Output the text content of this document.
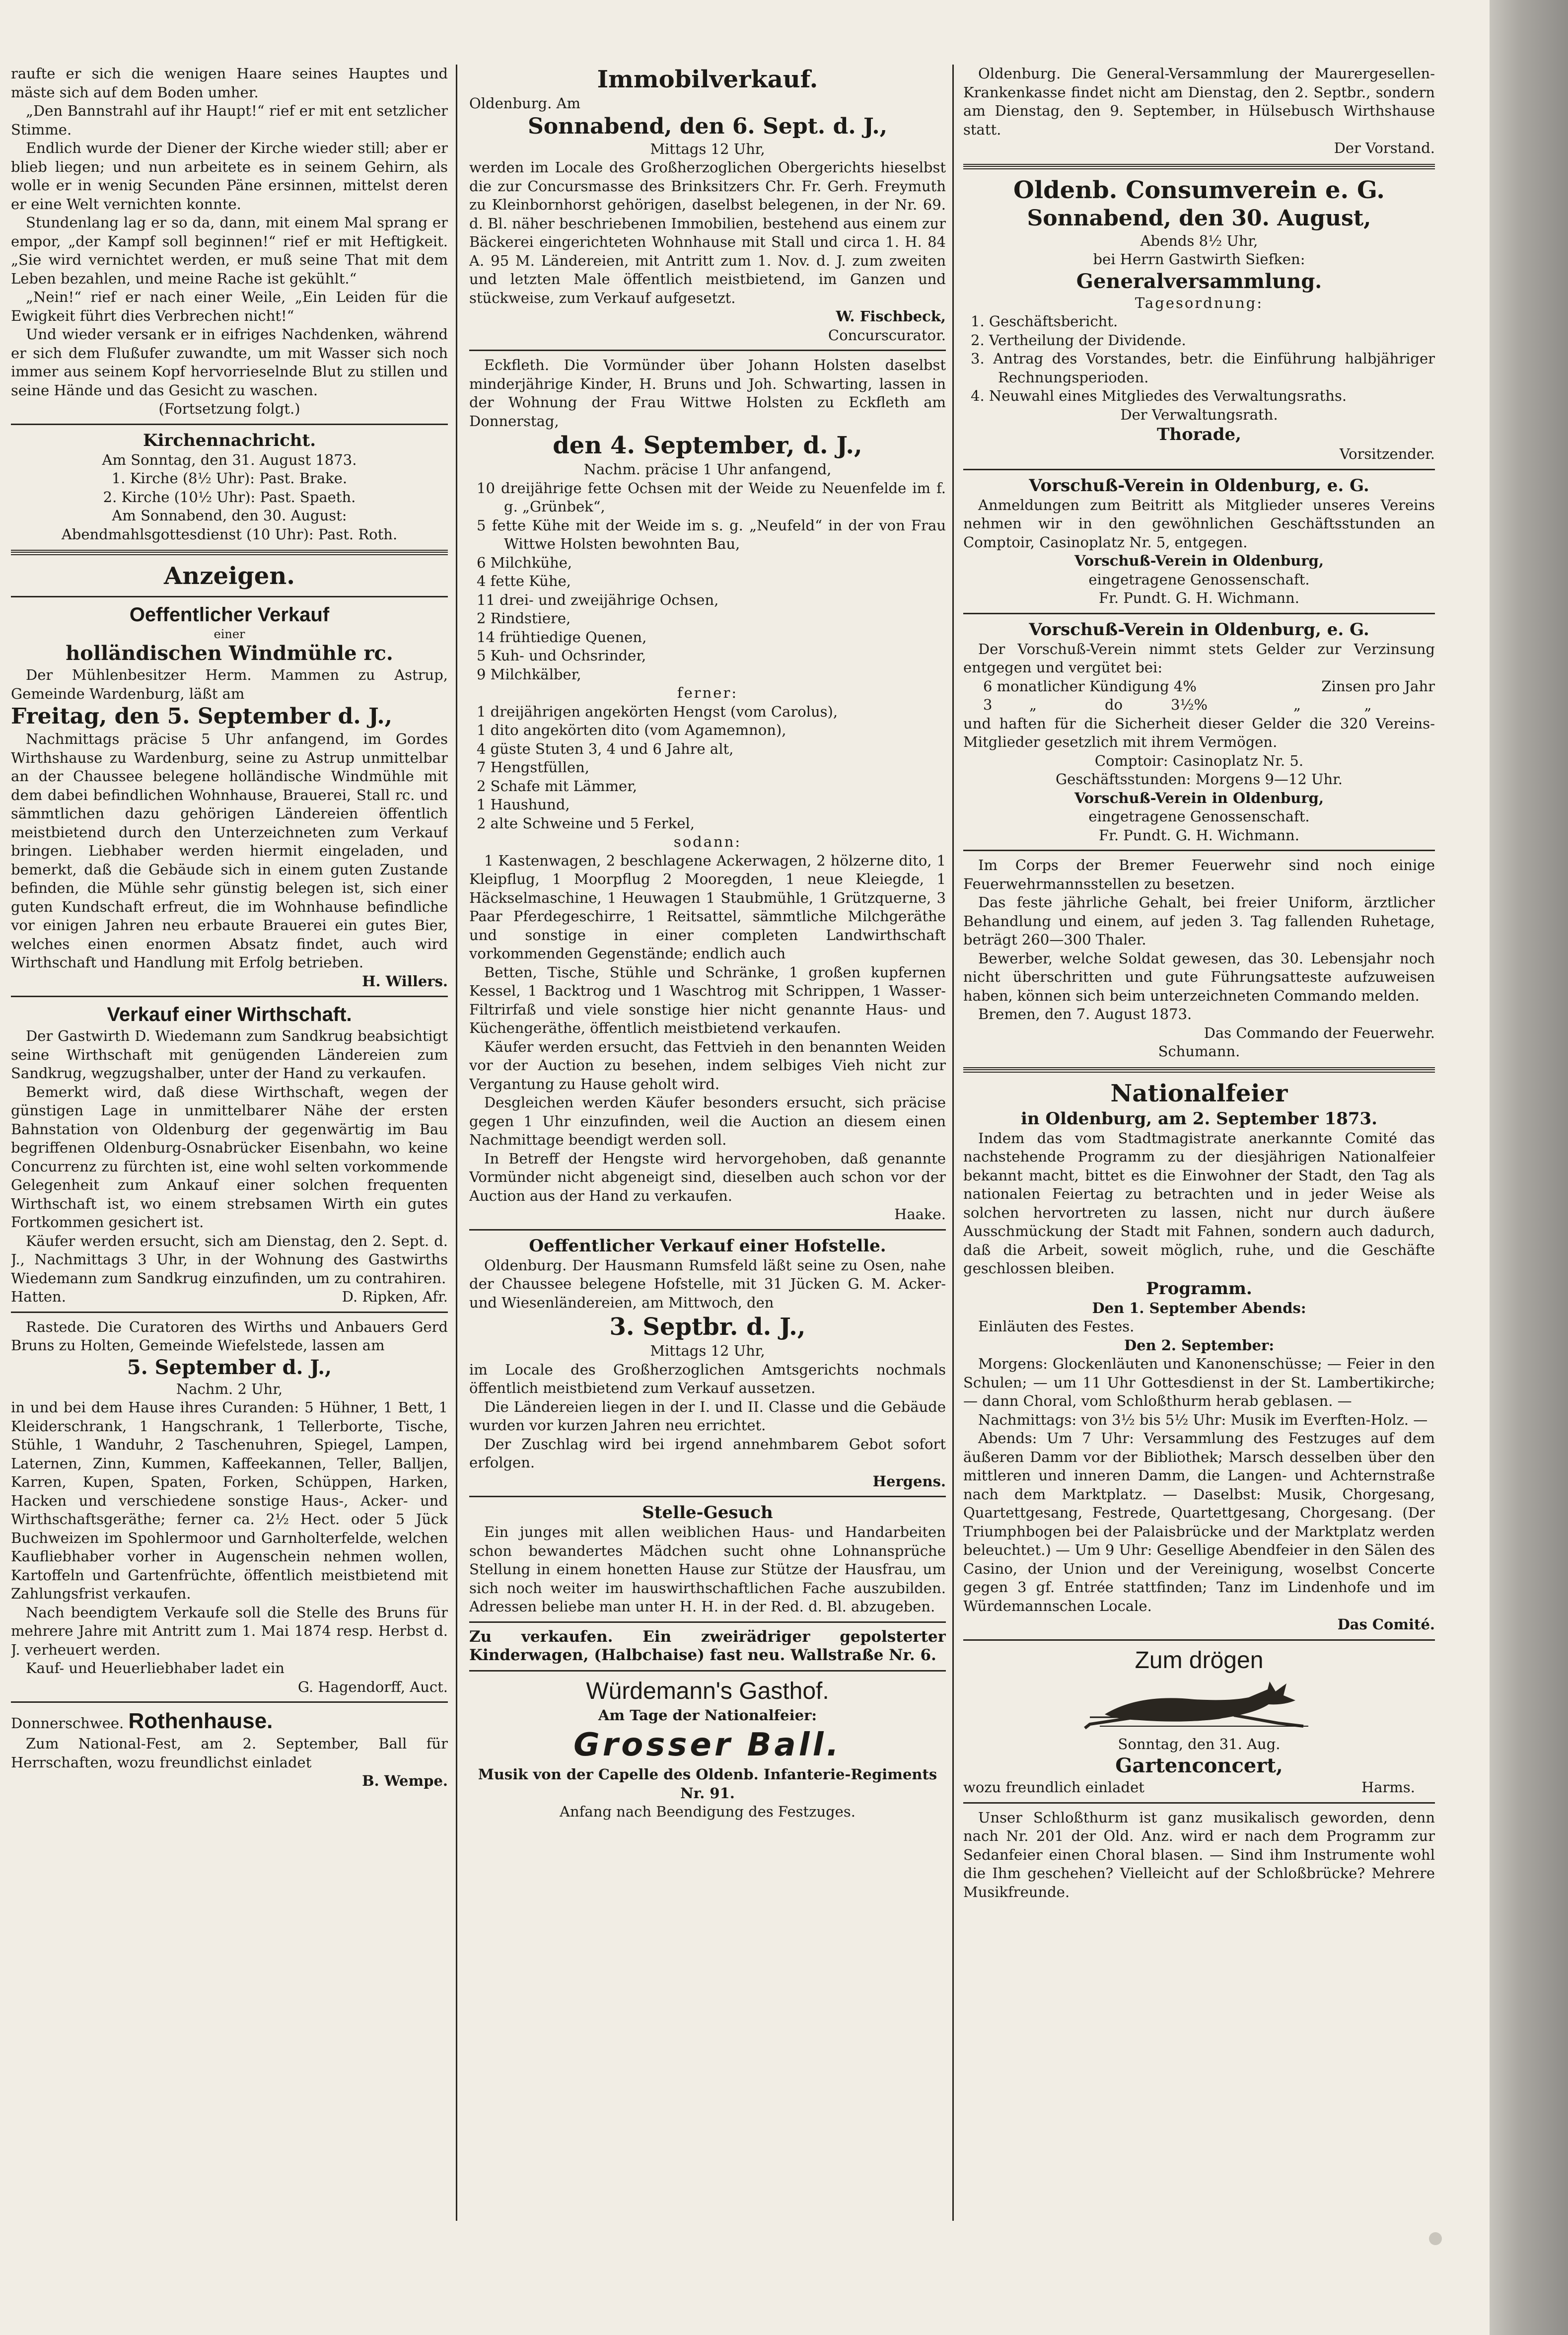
raufte er sich die wenigen Haare seines Hauptes und mäste sich auf dem Boden umher.

„Den Bannstrahl auf ihr Haupt!“ rief er mit ent setzlicher Stimme.

Endlich wurde der Diener der Kirche wieder still; aber er blieb liegen; und nun arbeitete es in seinem Gehirn, als wolle er in wenig Secunden Päne ersinnen, mittelst deren er eine Welt vernichten konnte.

Stundenlang lag er so da, dann, mit einem Mal sprang er empor, „der Kampf soll beginnen!“ rief er mit Heftigkeit. „Sie wird vernichtet werden, er muß seine That mit dem Leben bezahlen, und meine Rache ist gekühlt.“

„Nein!“ rief er nach einer Weile, „Ein Leiden für die Ewigkeit führt dies Verbrechen nicht!“

Und wieder versank er in eifriges Nachdenken, während er sich dem Flußufer zuwandte, um mit Wasser sich noch immer aus seinem Kopf hervorrieselnde Blut zu stillen und seine Hände und das Gesicht zu waschen.

(Fortsetzung folgt.)

Kirchennachricht.

Am Sonntag, den 31. August 1873.

1. Kirche (8½ Uhr): Past. Brake.

2. Kirche (10½ Uhr): Past. Spaeth.

Am Sonnabend, den 30. August:

Abendmahlsgottesdienst (10 Uhr): Past. Roth.

Anzeigen.
Oeffentlicher Verkauf

einer

holländischen Windmühle rc.

Der Mühlenbesitzer Herm. Mammen zu Astrup, Gemeinde Wardenburg, läßt am

Freitag, den 5. September d. J.,

Nachmittags präcise 5 Uhr anfangend, im Gordes Wirthshause zu Wardenburg, seine zu Astrup unmittelbar an der Chaussee belegene holländische Windmühle mit dem dabei befindlichen Wohnhause, Brauerei, Stall rc. und sämmtlichen dazu gehörigen Ländereien öffentlich meistbietend durch den Unterzeichneten zum Verkauf bringen. Liebhaber werden hiermit eingeladen, und bemerkt, daß die Gebäude sich in einem guten Zustande befinden, die Mühle sehr günstig belegen ist, sich einer guten Kundschaft erfreut, die im Wohnhause befindliche vor einigen Jahren neu erbaute Brauerei ein gutes Bier, welches einen enormen Absatz findet, auch wird Wirthschaft und Handlung mit Erfolg betrieben.

H. Willers.

Verkauf einer Wirthschaft.

Der Gastwirth D. Wiedemann zum Sandkrug beabsichtigt seine Wirthschaft mit genügenden Ländereien zum Sandkrug, wegzugshalber, unter der Hand zu verkaufen.

Bemerkt wird, daß diese Wirthschaft, wegen der günstigen Lage in unmittelbarer Nähe der ersten Bahnstation von Oldenburg der gegenwärtig im Bau begriffenen Oldenburg-Osnabrücker Eisenbahn, wo keine Concurrenz zu fürchten ist, eine wohl selten vorkommende Gelegenheit zum Ankauf einer solchen frequenten Wirthschaft ist, wo einem strebsamen Wirth ein gutes Fortkommen gesichert ist.

Käufer werden ersucht, sich am Dienstag, den 2. Sept. d. J., Nachmittags 3 Uhr, in der Wohnung des Gastwirths Wiedemann zum Sandkrug einzufinden, um zu contrahiren.

Hatten.	D. Ripken, Afr.

Rastede. Die Curatoren des Wirths und Anbauers Gerd Bruns zu Holten, Gemeinde Wiefelstede, lassen am

5. September d. J.,

Nachm. 2 Uhr,

in und bei dem Hause ihres Curanden: 5 Hühner, 1 Bett, 1 Kleiderschrank, 1 Hangschrank, 1 Tellerborte, Tische, Stühle, 1 Wanduhr, 2 Taschenuhren, Spiegel, Lampen, Laternen, Zinn, Kummen, Kaffeekannen, Teller, Balljen, Karren, Kupen, Spaten, Forken, Schüppen, Harken, Hacken und verschiedene sonstige Haus-, Acker- und Wirthschaftsgeräthe; ferner ca. 2½ Hect. oder 5 Jück Buchweizen im Spohlermoor und Garnholterfelde, welchen Kaufliebhaber vorher in Augenschein nehmen wollen, Kartoffeln und Gartenfrüchte, öffentlich meistbietend mit Zahlungsfrist verkaufen.

Nach beendigtem Verkaufe soll die Stelle des Bruns für mehrere Jahre mit Antritt zum 1. Mai 1874 resp. Herbst d. J. verheuert werden.

Kauf- und Heuerliebhaber ladet ein

G. Hagendorff, Auct.

Donnerschwee. Rothenhause.

Zum National-Fest, am 2. September, Ball für Herrschaften, wozu freundlichst einladet

B. Wempe.

Immobilverkauf.

Oldenburg. Am

Sonnabend, den 6. Sept. d. J.,

Mittags 12 Uhr,

werden im Locale des Großherzoglichen Obergerichts hieselbst die zur Concursmasse des Brinksitzers Chr. Fr. Gerh. Freymuth zu Kleinbornhorst gehörigen, daselbst belegenen, in der Nr. 69. d. Bl. näher beschriebenen Immobilien, bestehend aus einem zur Bäckerei eingerichteten Wohnhause mit Stall und circa 1. H. 84 A. 95 M. Ländereien, mit Antritt zum 1. Nov. d. J. zum zweiten und letzten Male öffentlich meistbietend, im Ganzen und stückweise, zum Verkauf aufgesetzt.

W. Fischbeck,

Concurscurator.

Eckfleth. Die Vormünder über Johann Holsten daselbst minderjährige Kinder, H. Bruns und Joh. Schwarting, lassen in der Wohnung der Frau Wittwe Holsten zu Eckfleth am Donnerstag,

den 4. September, d. J.,

Nachm. präcise 1 Uhr anfangend,

10 dreijährige fette Ochsen mit der Weide zu Neuenfelde im f. g. „Grünbek“,

5 fette Kühe mit der Weide im s. g. „Neufeld“ in der von Frau Wittwe Holsten bewohnten Bau,

6 Milchkühe,

4 fette Kühe,

11 drei- und zweijährige Ochsen,

2 Rindstiere,

14 frühtiedige Quenen,

5 Kuh- und Ochsrinder,

9 Milchkälber,

ferner:

1 dreijährigen angekörten Hengst (vom Carolus),

1 dito angekörten dito (vom Agamemnon),

4 güste Stuten 3, 4 und 6 Jahre alt,

7 Hengstfüllen,

2 Schafe mit Lämmer,

1 Haushund,

2 alte Schweine und 5 Ferkel,

sodann:

1 Kastenwagen, 2 beschlagene Ackerwagen, 2 hölzerne dito, 1 Kleipflug, 1 Moorpflug 2 Mooregden, 1 neue Kleiegde, 1 Häckselmaschine, 1 Heuwagen 1 Staubmühle, 1 Grützquerne, 3 Paar Pferdegeschirre, 1 Reitsattel, sämmtliche Milchgeräthe und sonstige in einer completen Landwirthschaft vorkommenden Gegenstände; endlich auch

Betten, Tische, Stühle und Schränke, 1 großen kupfernen Kessel, 1 Backtrog und 1 Waschtrog mit Schrippen, 1 Wasser-Filtrirfaß und viele sonstige hier nicht genannte Haus- und Küchengeräthe, öffentlich meistbietend verkaufen.

Käufer werden ersucht, das Fettvieh in den benannten Weiden vor der Auction zu besehen, indem selbiges Vieh nicht zur Vergantung zu Hause geholt wird.

Desgleichen werden Käufer besonders ersucht, sich präcise gegen 1 Uhr einzufinden, weil die Auction an diesem einen Nachmittage beendigt werden soll.

In Betreff der Hengste wird hervorgehoben, daß genannte Vormünder nicht abgeneigt sind, dieselben auch schon vor der Auction aus der Hand zu verkaufen.

Haake.

Oeffentlicher Verkauf einer Hofstelle.

Oldenburg. Der Hausmann Rumsfeld läßt seine zu Osen, nahe der Chaussee belegene Hofstelle, mit 31 Jücken G. M. Acker- und Wiesenländereien, am Mittwoch, den

3. Septbr. d. J.,

Mittags 12 Uhr,

im Locale des Großherzoglichen Amtsgerichts nochmals öffentlich meistbietend zum Verkauf aussetzen.

Die Ländereien liegen in der I. und II. Classe und die Gebäude wurden vor kurzen Jahren neu errichtet.

Der Zuschlag wird bei irgend annehmbarem Gebot sofort erfolgen.

Hergens.

Stelle-Gesuch

Ein junges mit allen weiblichen Haus- und Handarbeiten schon bewandertes Mädchen sucht ohne Lohnansprüche Stellung in einem honetten Hause zur Stütze der Hausfrau, um sich noch weiter im hauswirthschaftlichen Fache auszubilden. Adressen beliebe man unter H. H. in der Red. d. Bl. abzugeben.

Zu verkaufen. Ein zweirädriger gepolsterter Kinderwagen, (Halbchaise) fast neu. Wallstraße Nr. 6.

Würdemann's Gasthof.

Am Tage der Nationalfeier:

Grosser Ball.

Musik von der Capelle des Oldenb. Infanterie-Regiments Nr. 91.

Anfang nach Beendigung des Festzuges.

Oldenburg. Die General-Versammlung der Maurergesellen-Krankenkasse findet nicht am Dienstag, den 2. Septbr., sondern am Dienstag, den 9. September, in Hülsebusch Wirthshause statt.

Der Vorstand.

Oldenb. Consumverein e. G.
Sonnabend, den 30. August,

Abends 8½ Uhr,

bei Herrn Gastwirth Siefken:

Generalversammlung.

Tagesordnung:

1. Geschäftsbericht.

2. Vertheilung der Dividende.

3. Antrag des Vorstandes, betr. die Einführung halbjähriger Rechnungsperioden.

4. Neuwahl eines Mitgliedes des Verwaltungsraths.

Der Verwaltungsrath.

Thorade,

Vorsitzender.

Vorschuß-Verein in Oldenburg, e. G.

Anmeldungen zum Beitritt als Mitglieder unseres Vereins nehmen wir in den gewöhnlichen Geschäftsstunden an Comptoir, Casinoplatz Nr. 5, entgegen.

Vorschuß-Verein in Oldenburg,

eingetragene Genossenschaft.

Fr. Pundt. G. H. Wichmann.

Vorschuß-Verein in Oldenburg, e. G.

Der Vorschuß-Verein nimmt stets Gelder zur Verzinsung entgegen und vergütet bei:

6 monatlicher Kündigung 4%	Zinsen pro Jahr
3	„	do	3½%	„	„

und haften für die Sicherheit dieser Gelder die 320 Vereins-Mitglieder gesetzlich mit ihrem Vermögen.

Comptoir: Casinoplatz Nr. 5.

Geschäftsstunden: Morgens 9—12 Uhr.

Vorschuß-Verein in Oldenburg,

eingetragene Genossenschaft.

Fr. Pundt. G. H. Wichmann.

Im Corps der Bremer Feuerwehr sind noch einige Feuerwehrmannsstellen zu besetzen.

Das feste jährliche Gehalt, bei freier Uniform, ärztlicher Behandlung und einem, auf jeden 3. Tag fallenden Ruhetage, beträgt 260—300 Thaler.

Bewerber, welche Soldat gewesen, das 30. Lebensjahr noch nicht überschritten und gute Führungsatteste aufzuweisen haben, können sich beim unterzeichneten Commando melden.

Bremen, den 7. August 1873.

Das Commando der Feuerwehr.

Schumann.

Nationalfeier
in Oldenburg, am 2. September 1873.

Indem das vom Stadtmagistrate anerkannte Comité das nachstehende Programm zu der diesjährigen Nationalfeier bekannt macht, bittet es die Einwohner der Stadt, den Tag als nationalen Feiertag zu betrachten und in jeder Weise als solchen hervortreten zu lassen, nicht nur durch äußere Ausschmückung der Stadt mit Fahnen, sondern auch dadurch, daß die Arbeit, soweit möglich, ruhe, und die Geschäfte geschlossen bleiben.

Programm.

Den 1. September Abends:

Einläuten des Festes.

Den 2. September:

Morgens: Glockenläuten und Kanonenschüsse; — Feier in den Schulen; — um 11 Uhr Gottesdienst in der St. Lambertikirche; — dann Choral, vom Schloßthurm herab geblasen. —

Nachmittags: von 3½ bis 5½ Uhr: Musik im Everften-Holz. —

Abends: Um 7 Uhr: Versammlung des Festzuges auf dem äußeren Damm vor der Bibliothek; Marsch desselben über den mittleren und inneren Damm, die Langen- und Achternstraße nach dem Marktplatz. — Daselbst: Musik, Chorgesang, Quartettgesang, Festrede, Quartettgesang, Chorgesang. (Der Triumphbogen bei der Palaisbrücke und der Marktplatz werden beleuchtet.) — Um 9 Uhr: Gesellige Abendfeier in den Sälen des Casino, der Union und der Vereinigung, woselbst Concerte gegen 3 gf. Entrée stattfinden; Tanz im Lindenhofe und im Würdemannschen Locale.

Das Comité.

Zum drögen

Sonntag, den 31. Aug.

Gartenconcert,

wozu freundlich einladet	Harms.

Unser Schloßthurm ist ganz musikalisch geworden, denn nach Nr. 201 der Old. Anz. wird er nach dem Programm zur Sedanfeier einen Choral blasen. — Sind ihm Instrumente wohl die Ihm geschehen? Vielleicht auf der Schloßbrücke? Mehrere Musikfreunde.
